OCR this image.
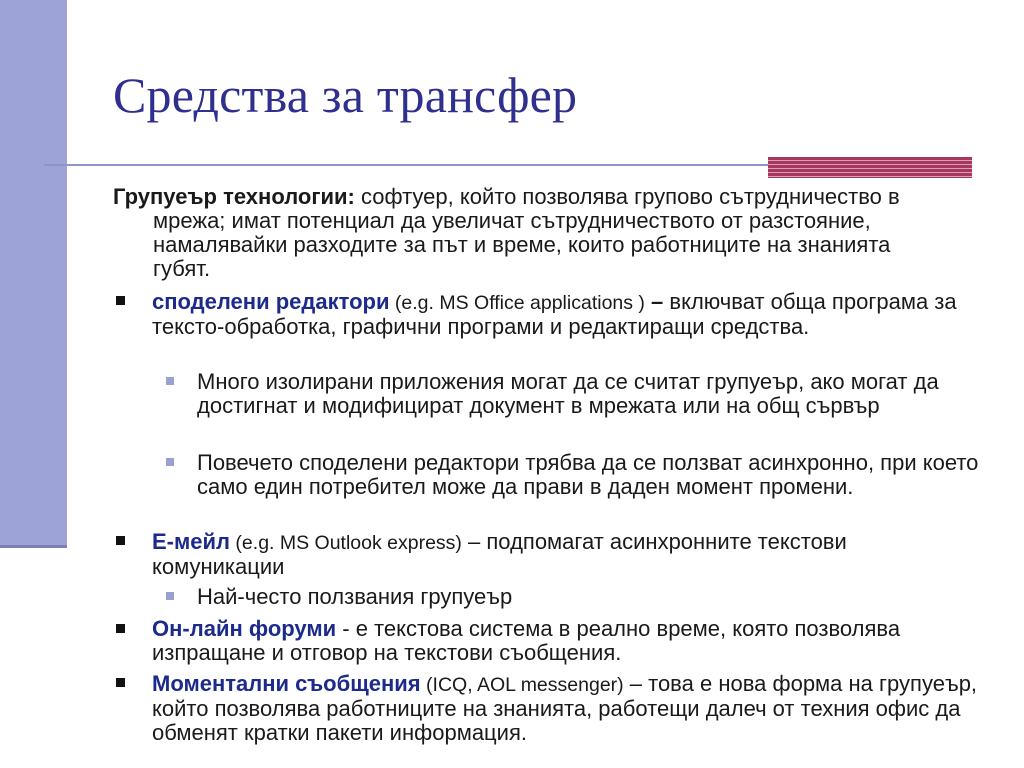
Средства за трансфер

Групуеър технологии: софтуер, който позволява групово сътрудничество в мрежа; имат потенциал да увеличат сътрудничеството от разстояние, намалявайки разходите за път и време, които работниците на знанията губят.

споделени редактори (e.g. MS Office applications ) – включват обща програма за тексто-обработка, графични програми и редактиращи средства.

Много изолирани приложения могат да се считат групуеър, ако могат да достигнат и модифицират документ в мрежата или на общ сървър

Повечето споделени редактори трябва да се ползват асинхронно, при което само един потребител може да прави в даден момент промени.

Е-мейл (e.g. MS Outlook express) – подпомагат асинхронните текстови комуникации

Най-често ползвания групуеър

Он-лайн форуми - е текстова система в реално време, която позволява изпращане и отговор на текстови съобщения.

Моментални съобщения (ICQ, AOL messenger) – това е нова форма на групуеър, който позволява работниците на знанията, работещи далеч от техния офис да обменят кратки пакети информация.
